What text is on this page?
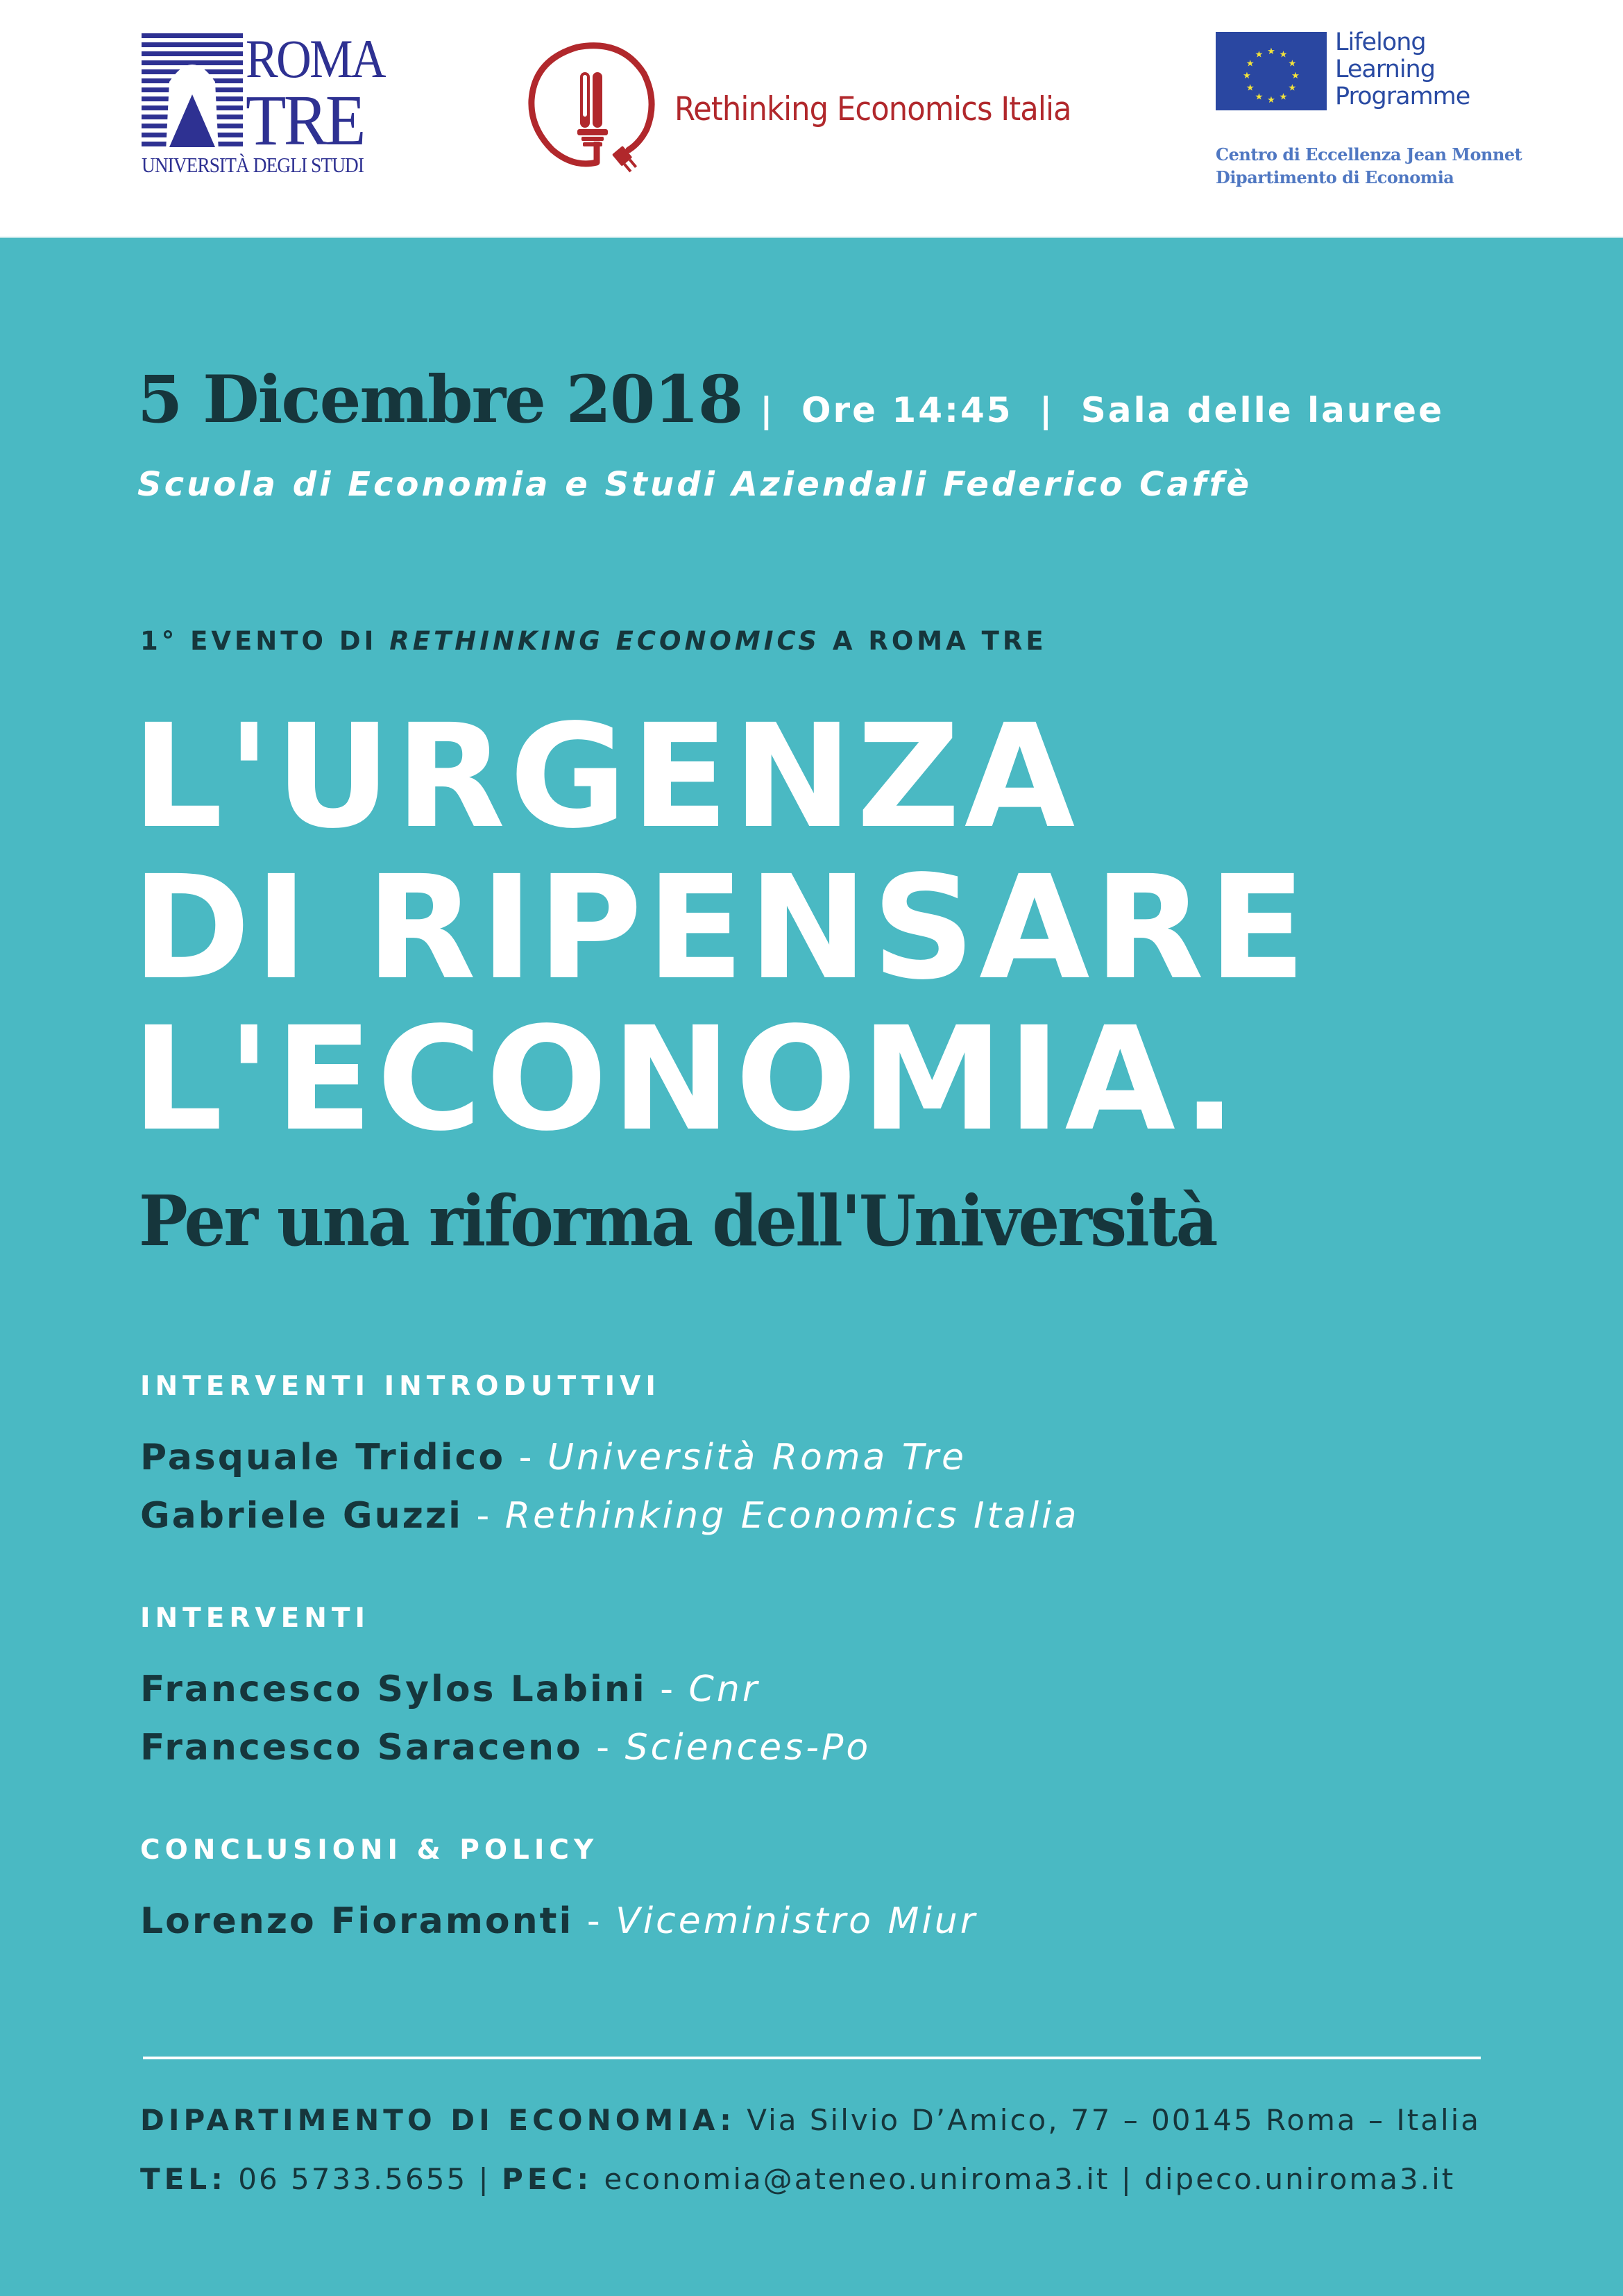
ROMA
TRE
UNIVERSITÀ DEGLI STUDI
Rethinking Economics Italia
★ ★
★
★
★
★
★
★
★
★
★
★	Lifelong
Learning
Programme
Centro di Eccellenza Jean Monnet
Dipartimento di Economia
5 Dicembre 2018 | Ore 14:45 | Sala delle lauree
Scuola di Economia e Studi Aziendali Federico Caffè
1° EVENTO DI RETHINKING ECONOMICS A ROMA TRE
L'URGENZA
DI RIPENSARE
L'ECONOMIA.
Per una riforma dell'Università
INTERVENTI INTRODUTTIVI
Pasquale Tridico - Università Roma Tre
Gabriele Guzzi - Rethinking Economics Italia
INTERVENTI
Francesco Sylos Labini - Cnr
Francesco Saraceno - Sciences-Po
CONCLUSIONI & POLICY
Lorenzo Fioramonti - Viceministro Miur
DIPARTIMENTO DI ECONOMIA: Via Silvio D’Amico, 77 – 00145 Roma – Italia
TEL: 06 5733.5655 | PEC: economia@ateneo.uniroma3.it | dipeco.uniroma3.it
